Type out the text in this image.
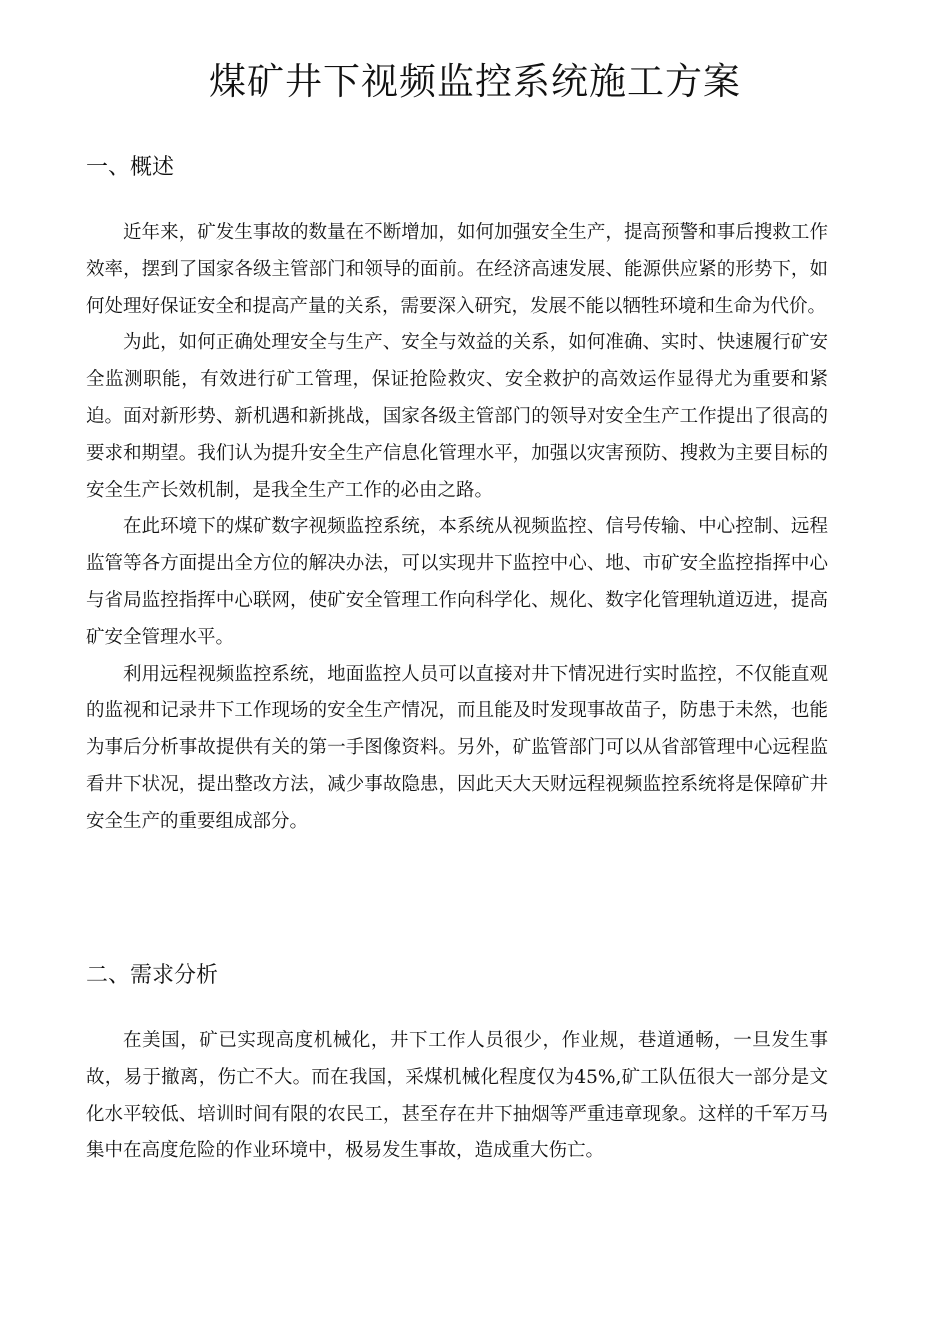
煤矿井下视频监控系统施工方案
一、概述

近年来，矿发生事故的数量在不断增加，如何加强安全生产，提高预警和事后搜救工作效率，摆到了国家各级主管部门和领导的面前。在经济高速发展、能源供应紧的形势下，如何处理好保证安全和提高产量的关系，需要深入研究，发展不能以牺牲环境和生命为代价。

为此，如何正确处理安全与生产、安全与效益的关系，如何准确、实时、快速履行矿安全监测职能，有效进行矿工管理，保证抢险救灾、安全救护的高效运作显得尤为重要和紧迫。面对新形势、新机遇和新挑战，国家各级主管部门的领导对安全生产工作提出了很高的要求和期望。我们认为提升安全生产信息化管理水平，加强以灾害预防、搜救为主要目标的安全生产长效机制，是我全生产工作的必由之路。

在此环境下的煤矿数字视频监控系统，本系统从视频监控、信号传输、中心控制、远程监管等各方面提出全方位的解决办法，可以实现井下监控中心、地、市矿安全监控指挥中心与省局监控指挥中心联网，使矿安全管理工作向科学化、规化、数字化管理轨道迈进，提高矿安全管理水平。

利用远程视频监控系统，地面监控人员可以直接对井下情况进行实时监控，不仅能直观的监视和记录井下工作现场的安全生产情况，而且能及时发现事故苗子，防患于未然，也能为事后分析事故提供有关的第一手图像资料。另外，矿监管部门可以从省部管理中心远程监看井下状况，提出整改方法，减少事故隐患，因此天大天财远程视频监控系统将是保障矿井安全生产的重要组成部分。

二、需求分析

在美国，矿已实现高度机械化，井下工作人员很少，作业规，巷道通畅，一旦发生事故，易于撤离，伤亡不大。而在我国，采煤机械化程度仅为45%,矿工队伍很大一部分是文化水平较低、培训时间有限的农民工，甚至存在井下抽烟等严重违章现象。这样的千军万马集中在高度危险的作业环境中，极易发生事故，造成重大伤亡。
